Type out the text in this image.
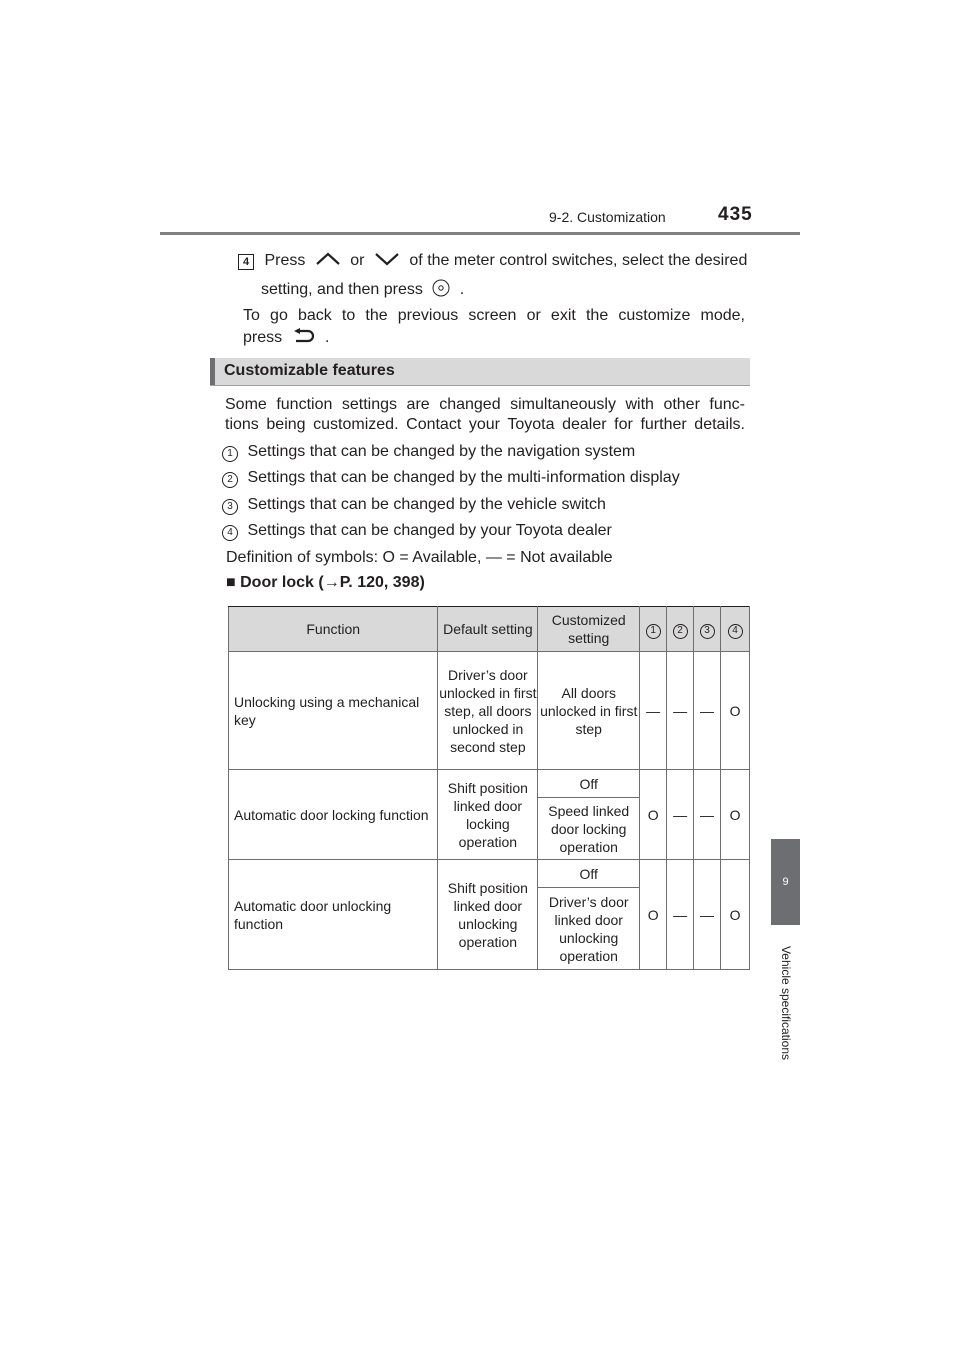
9-2. Customization	435
9
Vehicle specifications
4 Press	or	of the meter control switches, select the desired
setting, and then press .
To go back to the previous screen or exit the customize mode,
press	.
Customizable features
Some function settings are changed simultaneously with other func-
tions being customized. Contact your Toyota dealer for further details.
1 Settings that can be changed by the navigation system
2 Settings that can be changed by the multi-information display
3 Settings that can be changed by the vehicle switch
4 Settings that can be changed by your Toyota dealer
Definition of symbols: O = Available, — = Not available
■ Door lock (→P. 120, 398)
Function	Default setting	Customized setting	1	2	3	4
Unlocking using a mechanical key	Driver’s door unlocked in first step, all doors unlocked in second step	All doors unlocked in first step	—	—	—	O
Automatic door locking function	Shift position linked door locking operation	Off	O	—	—	O
		Speed linked door locking operation				
Automatic door unlocking function	Shift position linked door unlocking operation	Off	O	—	—	O
		Driver’s door linked door unlocking operation				
